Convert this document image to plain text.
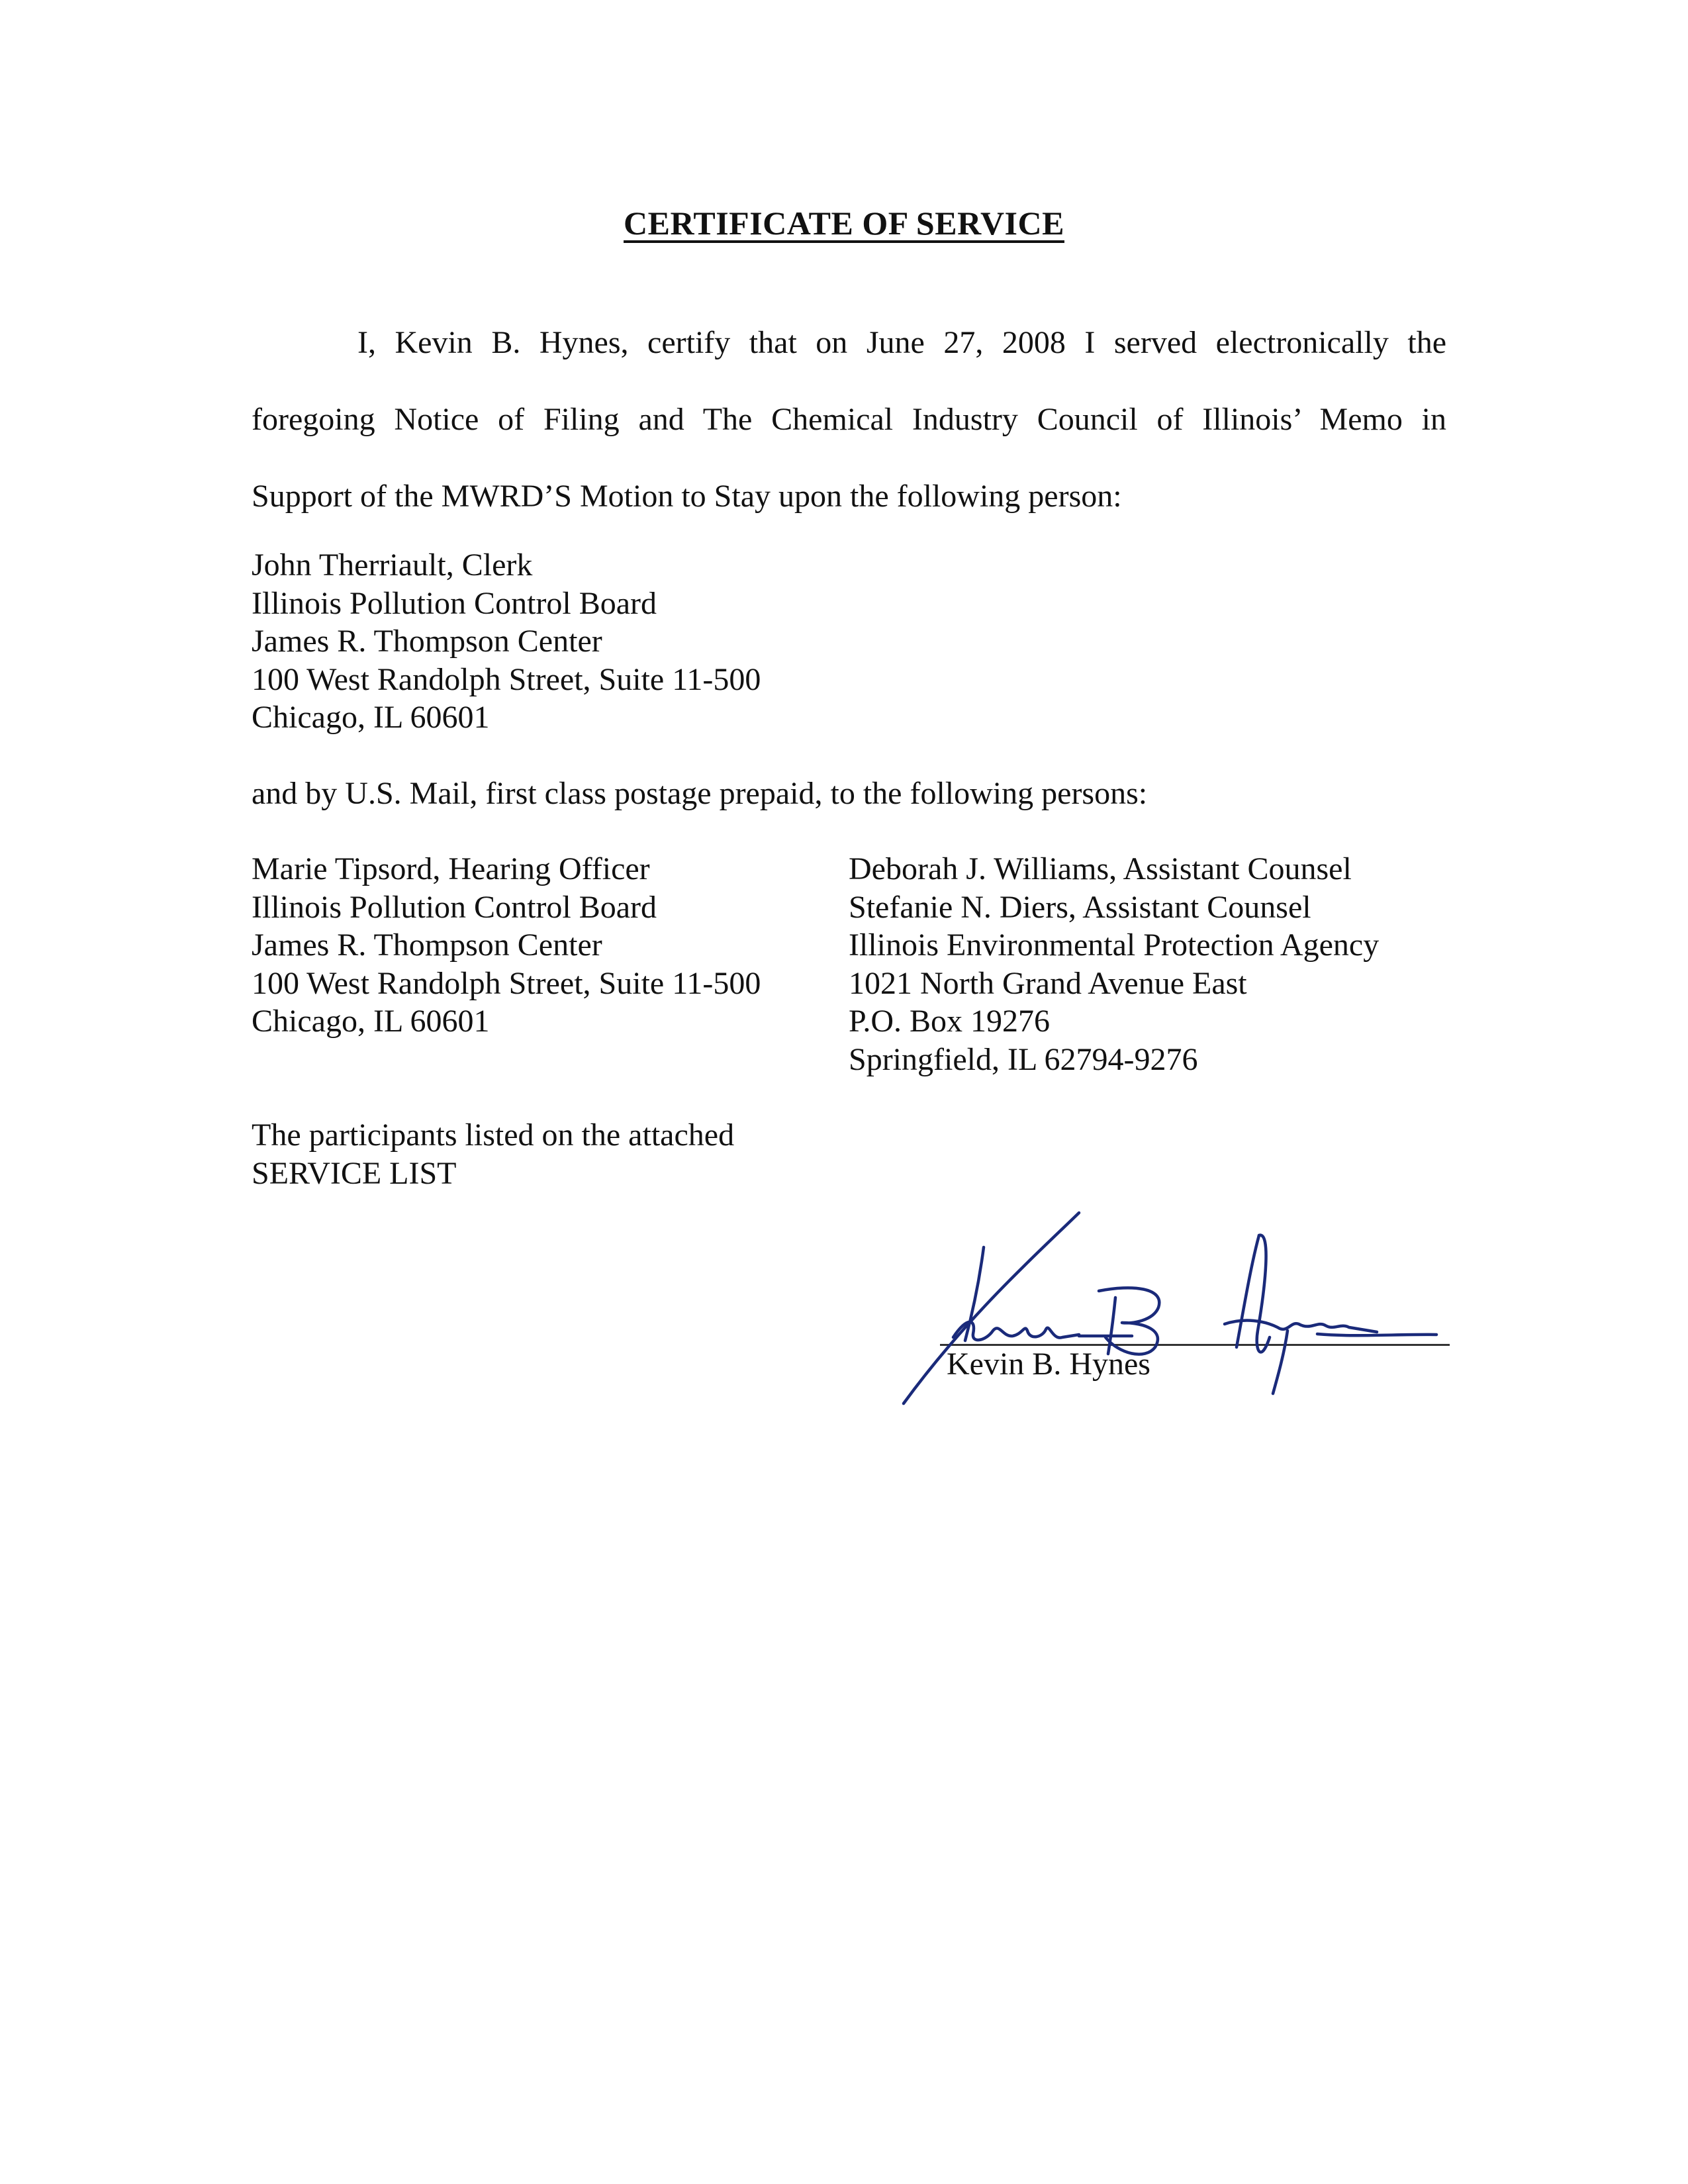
CERTIFICATE OF SERVICE
I, Kevin B. Hynes, certify that on June 27, 2008 I served electronically the
foregoing Notice of Filing and The Chemical Industry Council of Illinois’ Memo in
Support of the MWRD’S Motion to Stay upon the following person:
John Therriault, Clerk
Illinois Pollution Control Board
James R. Thompson Center
100 West Randolph Street, Suite 11-500
Chicago, IL 60601
and by U.S. Mail, first class postage prepaid, to the following persons:
Marie Tipsord, Hearing Officer
Illinois Pollution Control Board
James R. Thompson Center
100 West Randolph Street, Suite 11-500
Chicago, IL 60601
Deborah J. Williams, Assistant Counsel
Stefanie N. Diers, Assistant Counsel
Illinois Environmental Protection Agency
1021 North Grand Avenue East
P.O. Box 19276
Springfield, IL 62794-9276
The participants listed on the attached
SERVICE LIST
Kevin B. Hynes
